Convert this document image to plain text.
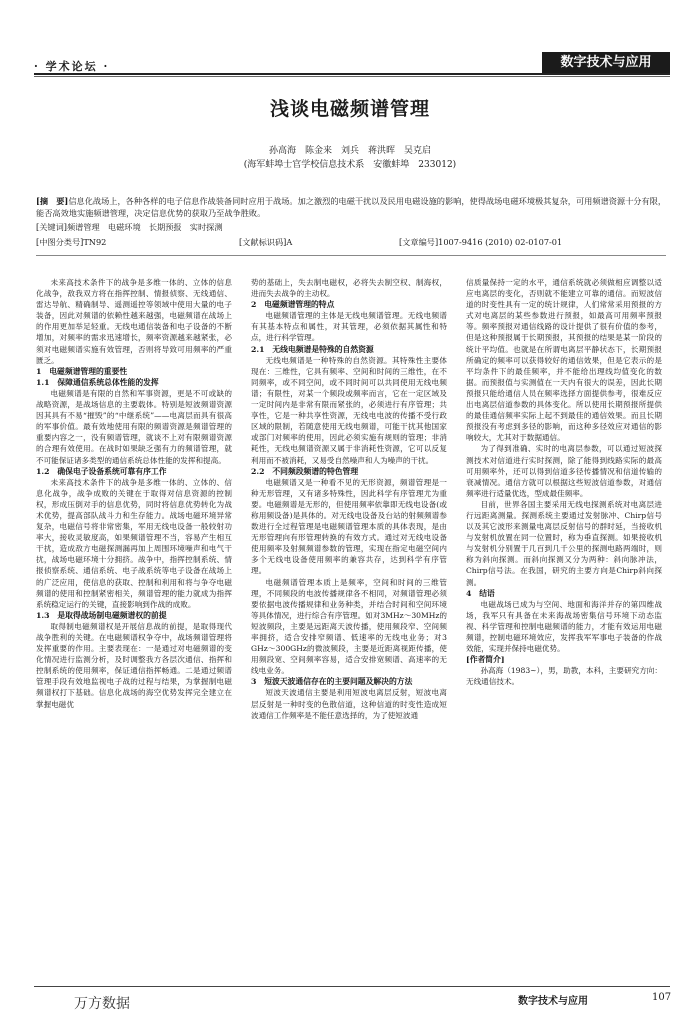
· 学术论坛 ·	数字技术与应用
浅谈电磁频谱管理
孙高海　陈金来　刘兵　蒋洪晖　吴克启
(海军蚌埠士官学校信息技术系　安徽蚌埠　233012)
[摘　要]信息化战场上，各种各样的电子信息作战装备同时应用于战场。加之激烈的电磁干扰以及民用电磁设施的影响，使得战场电磁环境极其复杂，可用频谱资源十分有限，能否高效地实施频谱管理，决定信息优势的获取乃至战争胜败。
[关键词]频谱管理　电磁环境　长期预报　实时探测
[中图分类号]TN92	[文献标识码]A	[文章编号]1007-9416 (2010) 02-0107-01

未来高技术条件下的战争是多维一体的、立体的信息化战争，敌我双方将在指挥控制、情报侦察、无线通信、雷达导航、精确制导、遥测遥控等领域中使用大量的电子装备，因此对频谱的依赖性越来越强，电磁频谱在战场上的作用更加举足轻重。无线电通信装备和电子设备的不断增加，对频率的需求迅速增长，频率资源越来越紧张，必须对电磁频谱实施有效管理，否则将导致可用频率的严重匮乏。

1　电磁频谱管理的重要性
1.1　保障通信系统总体性能的发挥

电磁频谱是有限的自然和军事资源，更是不可或缺的战略资源，是战场信息的主要载体。特别是短波频谱资源因其具有不易“摧毁”的“中继系统”——电离层而具有很高的军事价值。最有效地使用有限的频谱资源是频谱管理的重要内容之一，没有频谱管理，就谈不上对有限频谱资源的合理有效使用。在战时如果缺乏强有力的频谱管理，就不可能保证诸多类型的通信系统总体性能的发挥和提高。

1.2　确保电子设备系统可靠有序工作

未来高技术条件下的战争是多维一体的、立体的、信息化战争，战争成败的关键在于取得对信息资源的控制权，形成压倒对手的信息优势，同时将信息优势转化为战术优势，提高部队战斗力和生存能力。战场电磁环境异常复杂，电磁信号将非常密集，军用无线电设备一般较射功率大，接收灵敏度高，如果频谱管理不当，容易产生相互干扰，造成敌方电磁探测漏再加上周围环境噪声和电气干扰，战场电磁环境十分拥挤。战争中，指挥控制系统、情报侦察系统、通信系统、电子战系统等电子设备在战场上的广泛应用，使信息的获取、控制和利用和将与争夺电磁频谱的使用和控制紧密相关，频谱管理的能力就成为指挥系统稳定运行的关键，直接影响到作战的成败。

1.3　是取得战场制电磁频谱权的前提

取得制电磁频谱权是开展信息战的前提，是取得现代战争胜利的关键。在电磁频谱权争夺中，战场频谱管理将发挥重要的作用。主要表现在：一是通过对电磁频谱的变化情况进行监测分析，及时调整我方各层次通信、指挥和控制系统的使用频率，保证通信指挥畅通。二是通过频谱管理手段有效地监视电子战的过程与结果，为掌握制电磁频谱权打下基础。信息化战场的海空优势发挥完全建立在掌握电磁优

势的基础上，失去制电磁权，必将失去制空权、制海权，进而失去战争的主动权。

2　电磁频谱管理的特点

电磁频谱管理的主体是无线电频谱管理。无线电频谱有其基本特点和属性，对其管理，必须依据其属性和特点，进行科学管理。

2.1　无线电频谱是特殊的自然资源

无线电频谱是一种特殊的自然资源。其特殊性主要体现在：三维性，它具有频率、空间和时间的三维性，在不同频率，或不同空间，或不同时间可以共同使用无线电频谱；有限性，对某一个频段或频率而言，它在一定区域及一定时间内是非常有限而紧张的，必须进行有序管理；共享性，它是一种共享性资源，无线电电波的传播不受行政区域的限制，若随意使用无线电频谱，可能干扰其他国家或部门对频率的使用，因此必须实施有规则的管理；非消耗性，无线电频谱资源又属于非消耗性资源，它可以反复利用而不被消耗，又易受自然噪声和人为噪声的干扰。

2.2　不同频段频谱的特色管理

电磁频谱又是一种看不见的无形资源，频谱管理是一种无形管理，又有诸多特殊性，因此科学有序管理尤为重要。电磁频谱是无形的，但使用频率依靠即无线电设备(或称用频设备)是具体的。对无线电设备及台站的射频频谱参数进行全过程管理是电磁频谱管理本质的具体表现，是由无形管理向有形管理转换的有效方式。通过对无线电设备使用频率及射频频谱参数的管理，实现在指定电磁空间内多个无线电设备使用频率的兼容共存，达到科学有序管理。

电磁频谱管理本质上是频率，空间和时间的三维管理，不同频段的电波传播规律各不相同，对频谱管理必须要依据电波传播规律和业务种类，并结合时间和空间环境等具体情况，进行综合有序管理。如对3MHz～30MHz的短波频段，主要是远距离天波传播，使用频段窄、空间频率拥挤，适合安排窄频谱、低速率的无线电业务；对3 GHz～300GHz的微波频段，主要是近距离视距传播，使用频段宽、空间频率容易，适合安排宽频谱、高速率的无线电业务。

3　短波天波通信存在的主要问题及解决的方法

短波天波通信主要是利用短波电离层反射，短波电离层反射是一种时变的色散信道，这种信道的时变性造成短波通信工作频率是不能任意选择的，为了使短波通

信质量保持一定的水平，通信系统就必须做相应调整以适应电离层的变化，否则就不能建立可靠的通信。而短波信道的时变性具有一定的统计规律，人们常常采用预报的方式对电离层的某些参数进行预报，如最高可用频率预报等。频率预报对通信线路的设计提供了很有价值的参考，但是这种预报属于长期预报，其预报的结果是某一阶段的统计平均值。也就是在所谓电离层平静状态下，长期预报所确定的频率可以获得较好的通信效果，但是它表示的是平均条件下的最佳频率，并不能给出理线均值变化的数据。而预报值与实测值在一天内有很大的误差，因此长期预报只能给通信人员在频率选择方面提供参考，很难反应出电离层信道参数的具体变化。所以使用长期预报所提供的最佳通信频率实际上起不到最佳的通信效果。而且长期预报没有考虑到多径的影响，而这种多径效应对通信的影响较大，尤其对于数据通信。

为了得到准确、实时的电离层参数，可以通过短波探测技术对信道进行实时探测，除了能得到线路实际的最高可用频率外，还可以得到信道多径传播情况和信道传输的衰减情况。通信方就可以根据这些短波信道参数，对通信频率进行适量优选，型成最佳频率。

目前，世界各国主要采用无线电探测系统对电离层进行远距离测量。探测系统主要通过发射脉冲、Chirp信号以及其它波形来测量电离层反射信号的群时延，当接收机与发射机放置在同一位置时，称为垂直探测。如果接收机与发射机分别置于几百到几千公里的探测电路两端时，则称为斜向探测。而斜向探测又分为两种：斜向脉冲法，Chirp信号法。在我国，研究的主要方向是Chirp斜向探测。

4　结语

电磁战场已成为与空间、地面和海洋并存的第四维战场，我军只有具备在未来海战场密集信号环境下动态监视、科学管理和控制电磁频谱的能力，才能有效运用电磁频谱，控制电磁环境效应，发挥我军军事电子装备的作战效能，实现并保持电磁优势。

[作者简介]

孙高海（1983~），男，助教，本科，主要研究方向：无线通信技术。

万方数据	数字技术与应用	107
